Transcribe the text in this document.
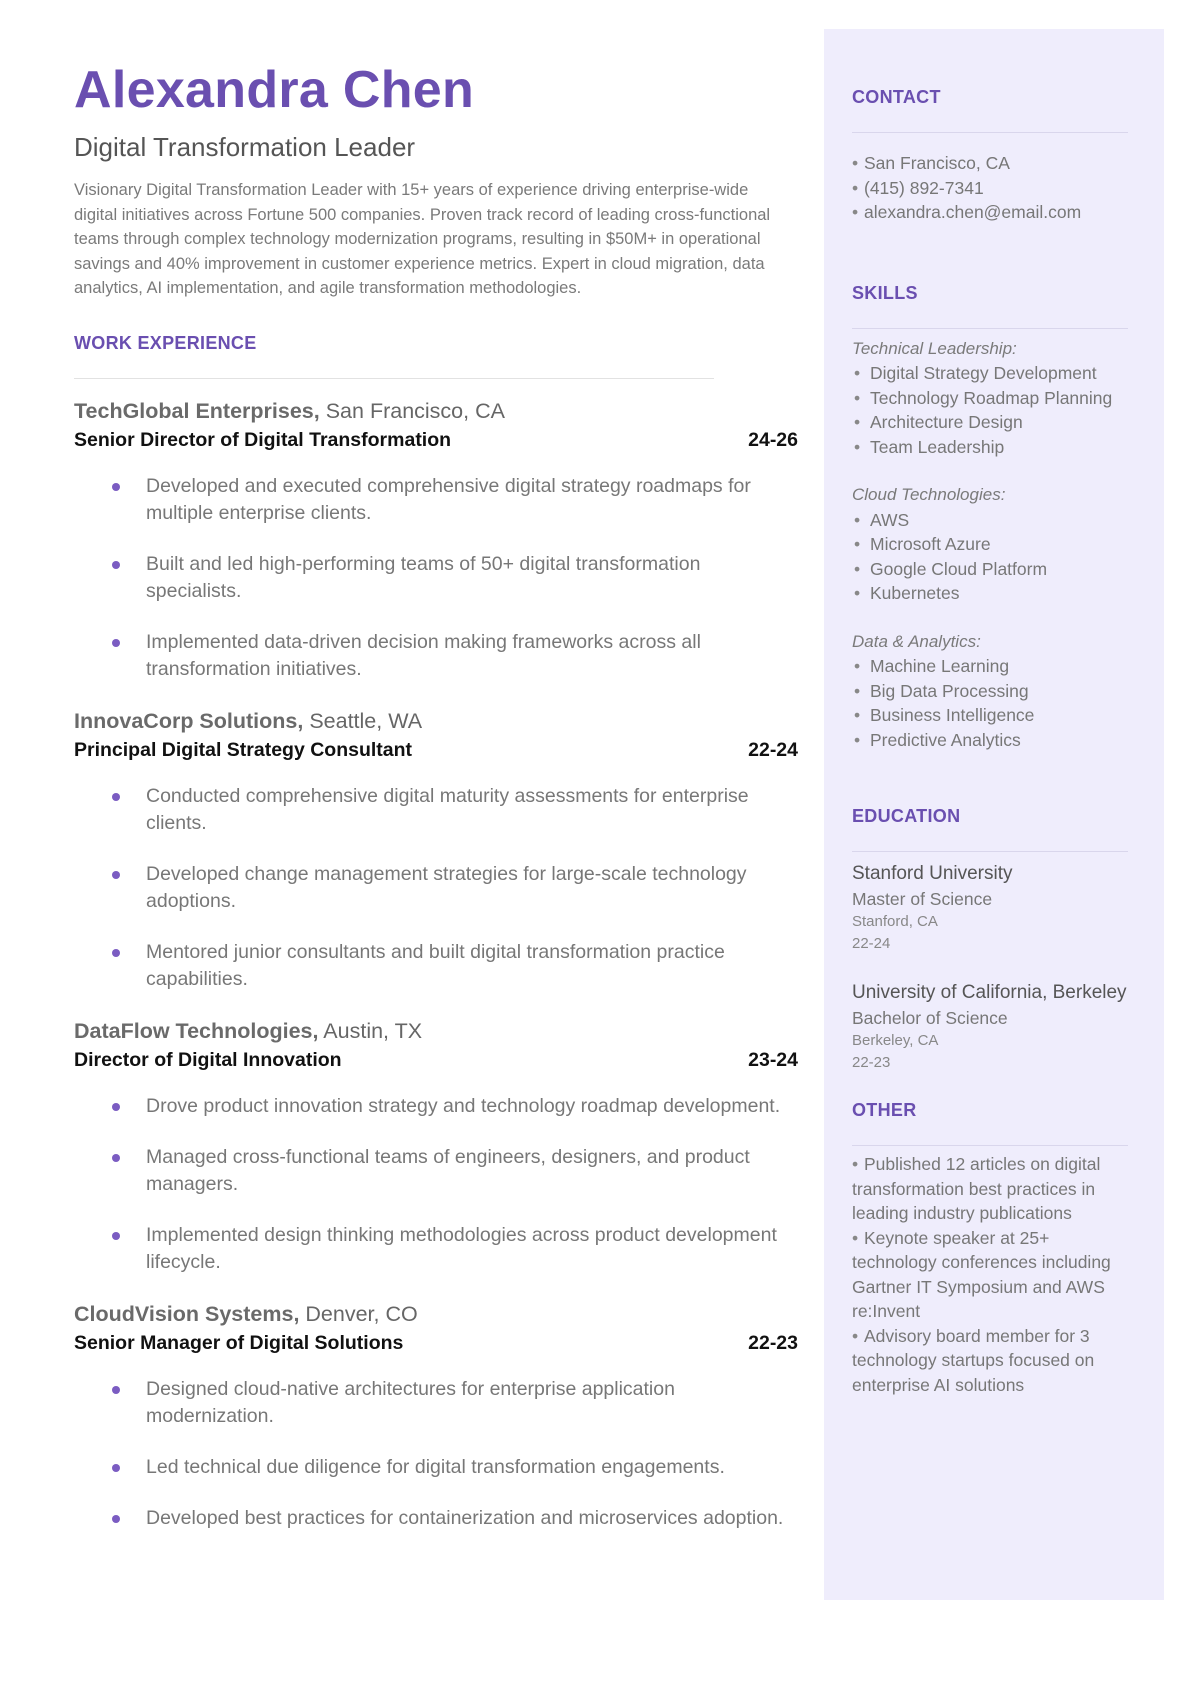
Alexandra Chen
Digital Transformation Leader
Visionary Digital Transformation Leader with 15+ years of experience driving enterprise-wide digital initiatives across Fortune 500 companies. Proven track record of leading cross-functional teams through complex technology modernization programs, resulting in $50M+ in operational savings and 40% improvement in customer experience metrics. Expert in cloud migration, data analytics, AI implementation, and agile transformation methodologies.
WORK EXPERIENCE
TechGlobal Enterprises, San Francisco, CA
Senior Director of Digital Transformation	24-26
Developed and executed comprehensive digital strategy roadmaps for multiple enterprise clients.
Built and led high-performing teams of 50+ digital transformation specialists.
Implemented data-driven decision making frameworks across all transformation initiatives.
InnovaCorp Solutions, Seattle, WA
Principal Digital Strategy Consultant	22-24
Conducted comprehensive digital maturity assessments for enterprise clients.
Developed change management strategies for large-scale technology adoptions.
Mentored junior consultants and built digital transformation practice capabilities.
DataFlow Technologies, Austin, TX
Director of Digital Innovation	23-24
Drove product innovation strategy and technology roadmap development.
Managed cross-functional teams of engineers, designers, and product managers.
Implemented design thinking methodologies across product development lifecycle.
CloudVision Systems, Denver, CO
Senior Manager of Digital Solutions	22-23
Designed cloud-native architectures for enterprise application modernization.
Led technical due diligence for digital transformation engagements.
Developed best practices for containerization and microservices adoption.
CONTACT
• San Francisco, CA
• (415) 892-7341
• alexandra.chen@email.com
SKILLS
Technical Leadership:
• Digital Strategy Development
• Technology Roadmap Planning
• Architecture Design
• Team Leadership
Cloud Technologies:
• AWS
• Microsoft Azure
• Google Cloud Platform
• Kubernetes
Data & Analytics:
• Machine Learning
• Big Data Processing
• Business Intelligence
• Predictive Analytics
EDUCATION
Stanford University
Master of Science
Stanford, CA
22-24
University of California, Berkeley
Bachelor of Science
Berkeley, CA
22-23
OTHER
• Published 12 articles on digital transformation best practices in leading industry publications
• Keynote speaker at 25+ technology conferences including Gartner IT Symposium and AWS re:Invent
• Advisory board member for 3 technology startups focused on enterprise AI solutions
